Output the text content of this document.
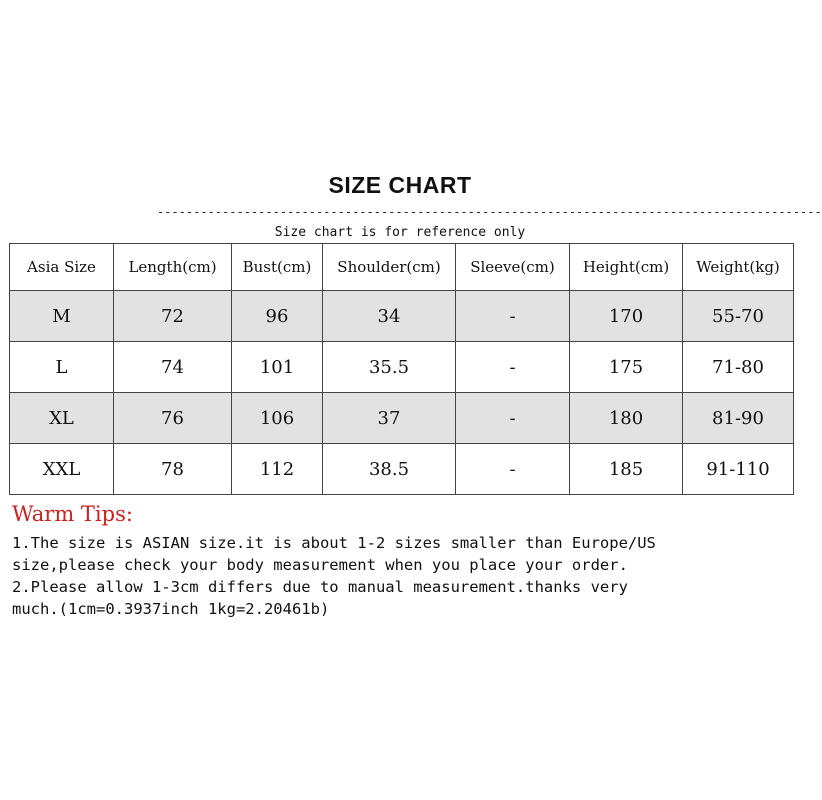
SIZE CHART
--------------------------------------------------------------------------------------------
Size chart is for reference only
Asia Size	Length(cm)	Bust(cm)	Shoulder(cm)	Sleeve(cm)	Height(cm)	Weight(kg)
M	72	96	34	-	170	55-70
L	74	101	35.5	-	175	71-80
XL	76	106	37	-	180	81-90
XXL	78	112	38.5	-	185	91-110
Warm Tips:
1.The size is ASIAN size.it is about 1-2 sizes smaller than Europe/US
size,please check your body measurement when you place your order.
2.Please allow 1-3cm differs due to manual measurement.thanks very
much.(1cm=0.3937inch 1kg=2.20461b)
